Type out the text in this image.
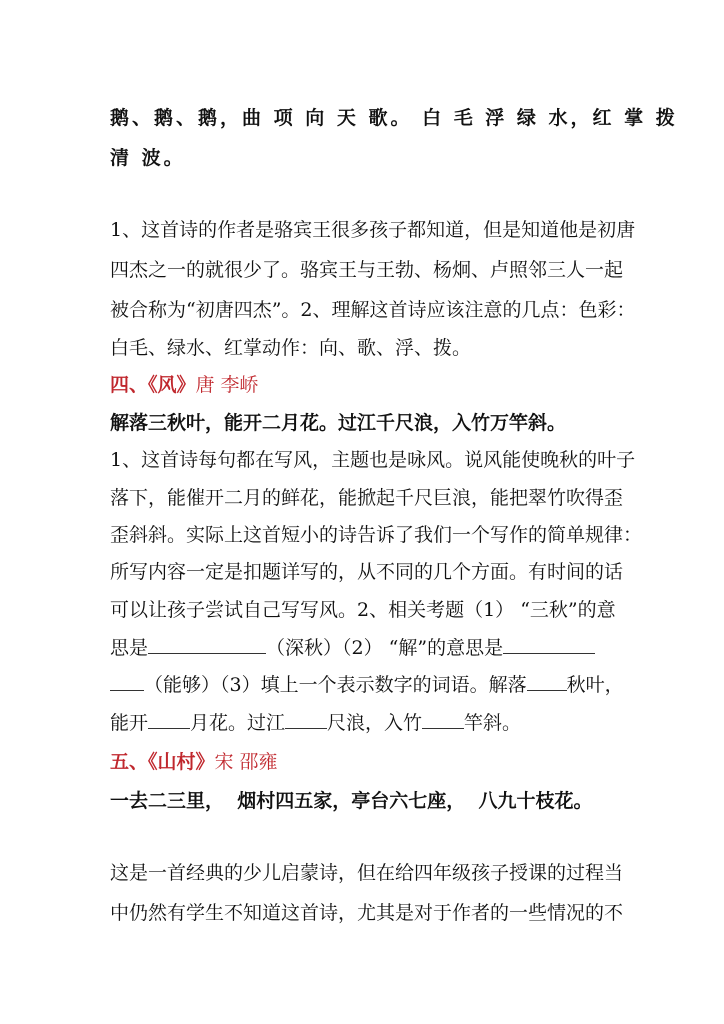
鹅、鹅、鹅，曲 项 向 天 歌。 白 毛 浮 绿 水，红 掌 拨
清 波。
1、这首诗的作者是骆宾王很多孩子都知道，但是知道他是初唐
四杰之一的就很少了。骆宾王与王勃、杨炯、卢照邻三人一起
被合称为“初唐四杰”。2、理解这首诗应该注意的几点：色彩：
白毛、绿水、红掌动作：向、歌、浮、拨。
四、《风》唐 李峤
解落三秋叶，能开二月花。过江千尺浪，入竹万竿斜。
1、这首诗每句都在写风，主题也是咏风。说风能使晚秋的叶子
落下，能催开二月的鲜花，能掀起千尺巨浪，能把翠竹吹得歪
歪斜斜。实际上这首短小的诗告诉了我们一个写作的简单规律：
所写内容一定是扣题详写的，从不同的几个方面。有时间的话
可以让孩子尝试自己写写风。2、相关考题（1） “三秋”的意
思是	（深秋）（2） “解”的意思是
（能够）（3）填上一个表示数字的词语。解落 秋叶，
能开 月花。过江 尺浪，入竹 竿斜。
五、《山村》宋 邵雍
一去二三里，  烟村四五家，亭台六七座，  八九十枝花。
这是一首经典的少儿启蒙诗，但在给四年级孩子授课的过程当
中仍然有学生不知道这首诗，尤其是对于作者的一些情况的不
